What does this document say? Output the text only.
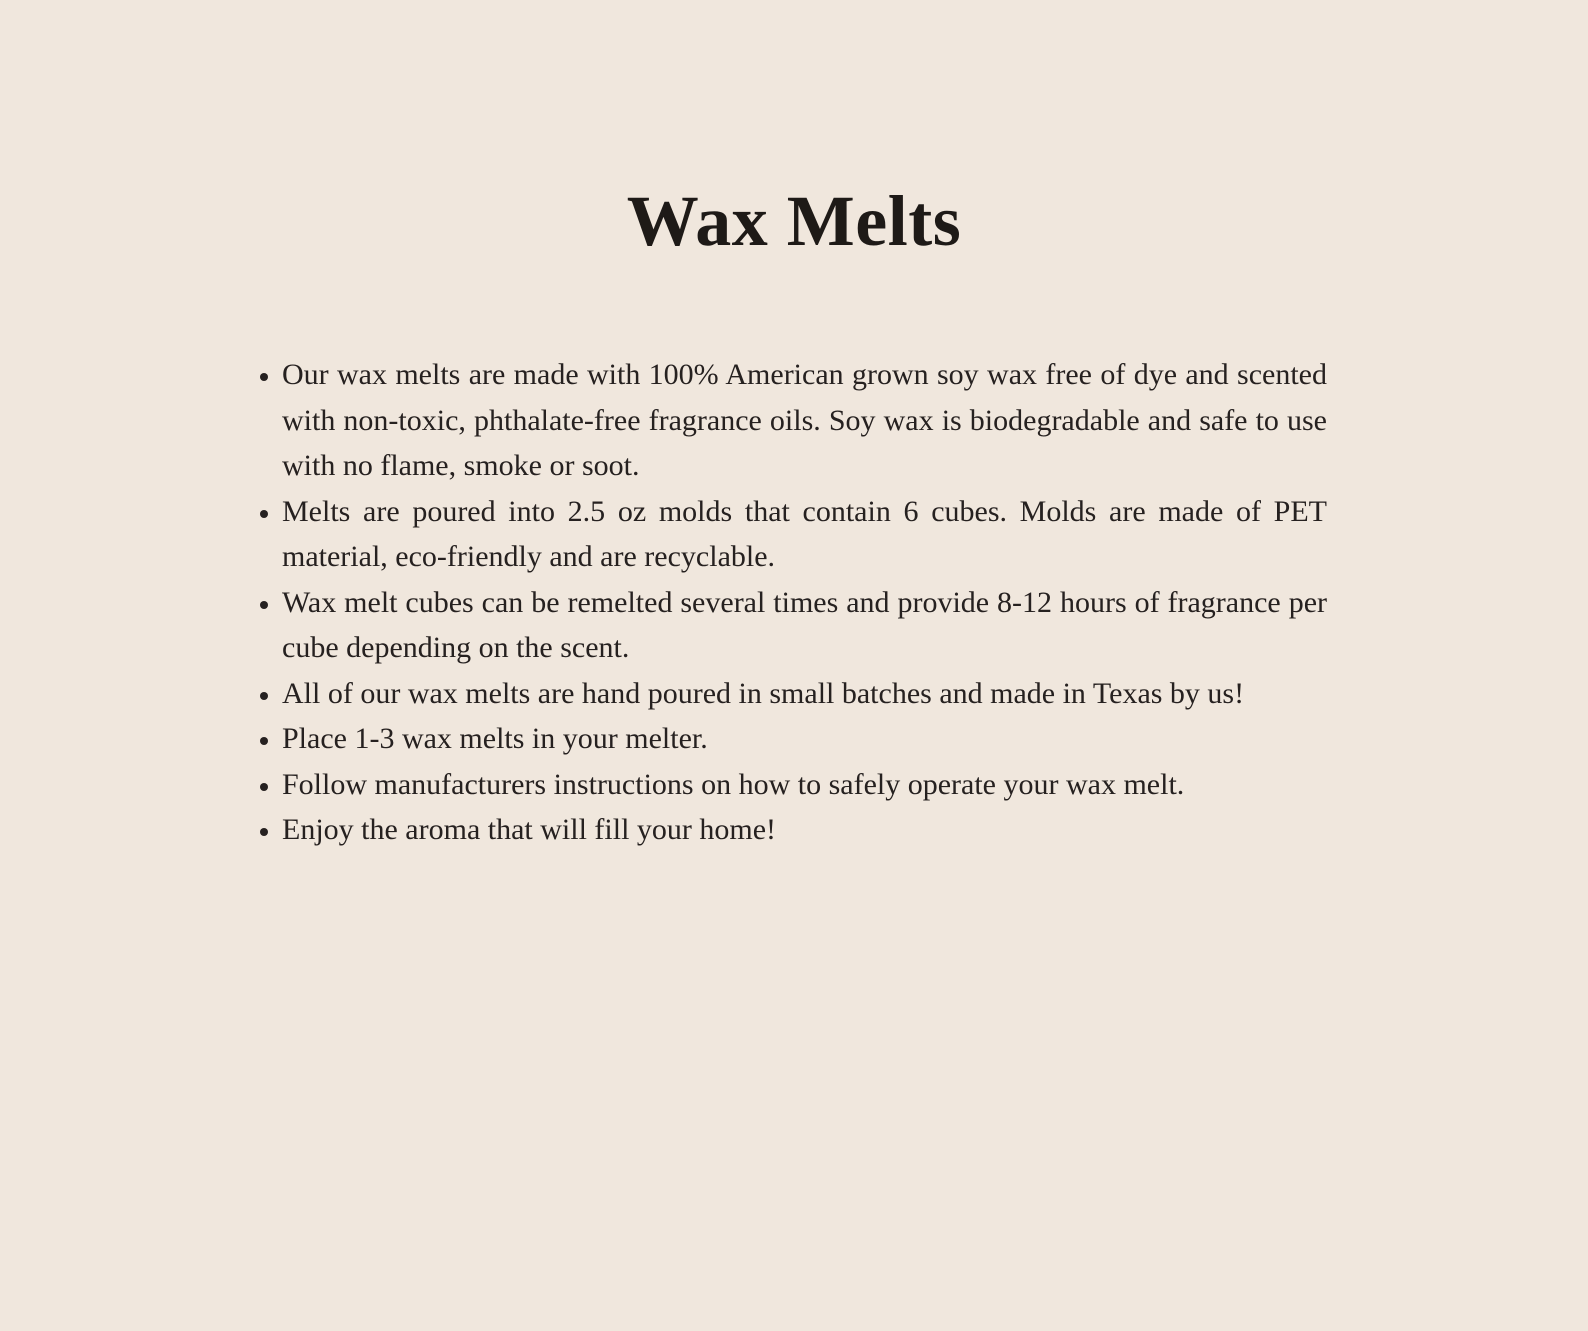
Wax Melts
• Our wax melts are made with 100% American grown soy wax free of dye and scented with non-toxic, phthalate-free fragrance oils. Soy wax is biodegradable and safe to use with no flame, smoke or soot.
• Melts are poured into 2.5 oz molds that contain 6 cubes. Molds are made of PET material, eco-friendly and are recyclable.
• Wax melt cubes can be remelted several times and provide 8-12 hours of fragrance per cube depending on the scent.
• All of our wax melts are hand poured in small batches and made in Texas by us!
• Place 1-3 wax melts in your melter.
• Follow manufacturers instructions on how to safely operate your wax melt.
• Enjoy the aroma that will fill your home!
